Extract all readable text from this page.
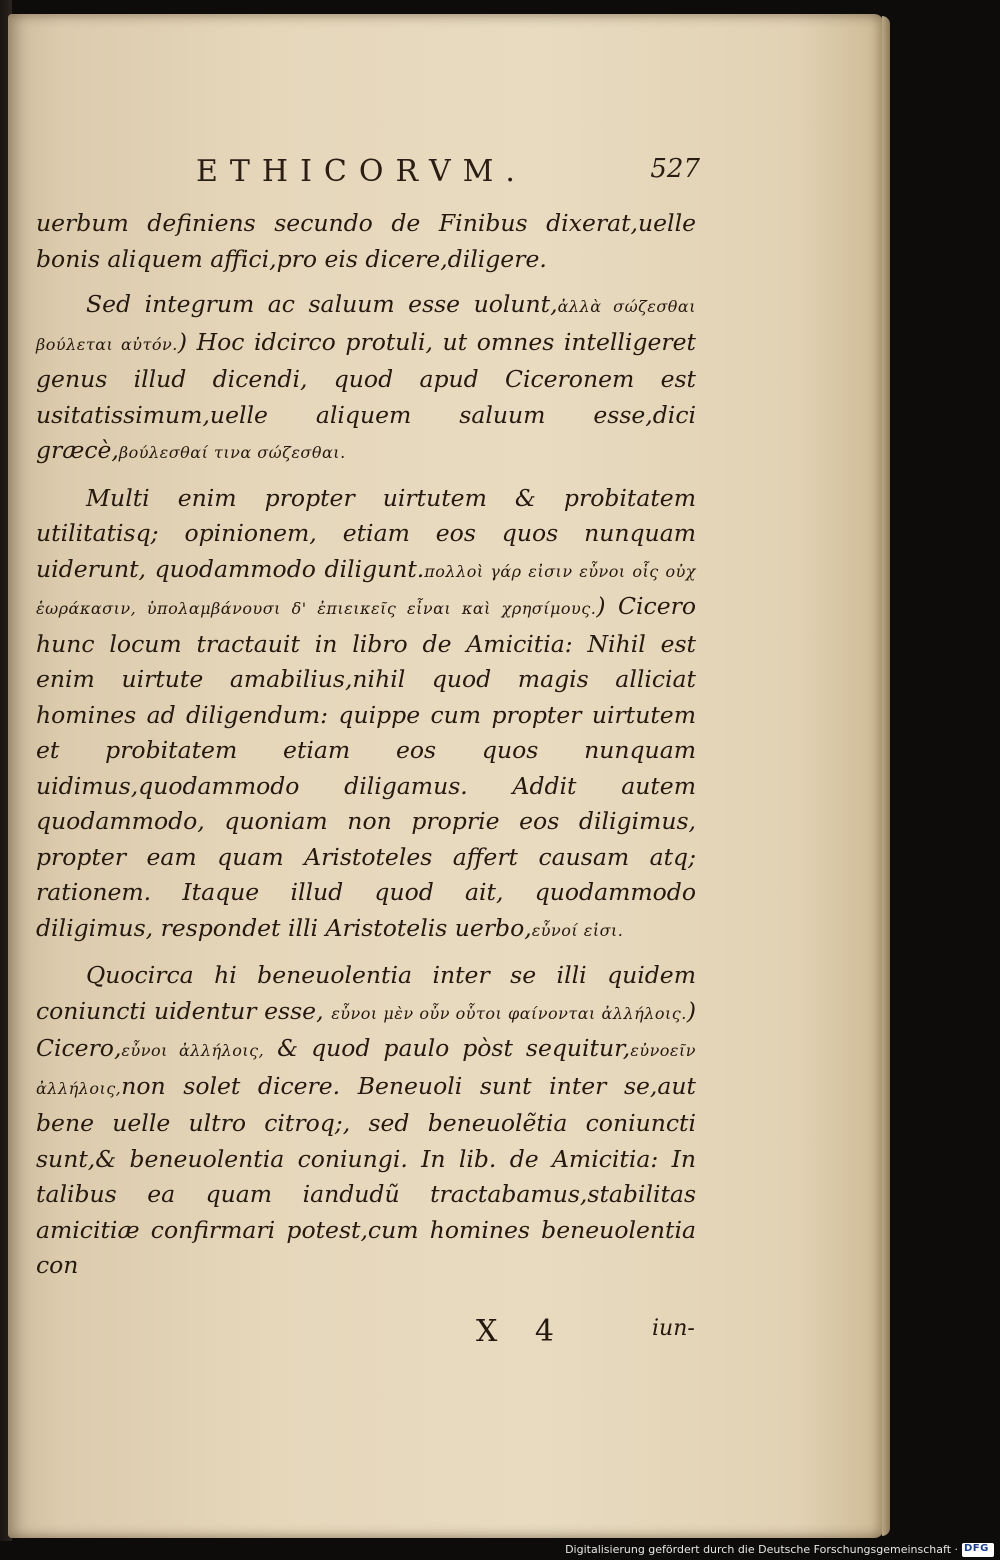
ETHICORVM.	527

uerbum definiens secundo de Finibus dixerat,uelle bonis aliquem affici,pro eis dicere,diligere.

Sed integrum ac saluum esse uolunt,ἀλλὰ σώζεσθαι βούλεται αὐτόν.) Hoc idcirco protuli, ut omnes intelligeret genus illud dicendi, quod apud Ciceronem est usitatissimum,uelle aliquem saluum esse,dici græcè,βούλεσθαί τινα σώζεσθαι.

Multi enim propter uirtutem & probitatem utilitatisq; opinionem, etiam eos quos nunquam uiderunt, quodammodo diligunt.πολλοὶ γάρ εἰσιν εὖνοι οἷς οὐχ ἑωράκασιν, ὑπολαμβάνουσι δ' ἐπιεικεῖς εἶναι καὶ χρησίμους.) Cicero hunc locum tractauit in libro de Amicitia: Nihil est enim uirtute amabilius,nihil quod magis alliciat homines ad diligendum: quippe cum propter uirtutem et probitatem etiam eos quos nunquam uidimus,quodammodo diligamus. Addit autem quodammodo, quoniam non proprie eos diligimus, propter eam quam Aristoteles affert causam atq; rationem. Itaque illud quod ait, quodammodo diligimus, respondet illi Aristotelis uerbo,εὖνοί εἰσι.

Quocirca hi beneuolentia inter se illi quidem coniuncti uidentur esse, εὖνοι μὲν οὖν οὗτοι φαίνονται ἀλλήλοις.) Cicero,εὖνοι ἀλλήλοις, & quod paulo pòst sequitur,εὐνοεῖν ἀλλήλοις,non solet dicere. Beneuoli sunt inter se,aut bene uelle ultro citroq;, sed beneuolẽtia coniuncti sunt,& beneuolentia coniungi. In lib. de Amicitia: In talibus ea quam iandudũ tractabamus,stabilitas amicitiæ confirmari potest,cum homines beneuolentia con

X 4	iun-
Digitalisierung gefördert durch die Deutsche Forschungsgemeinschaft · DFG
